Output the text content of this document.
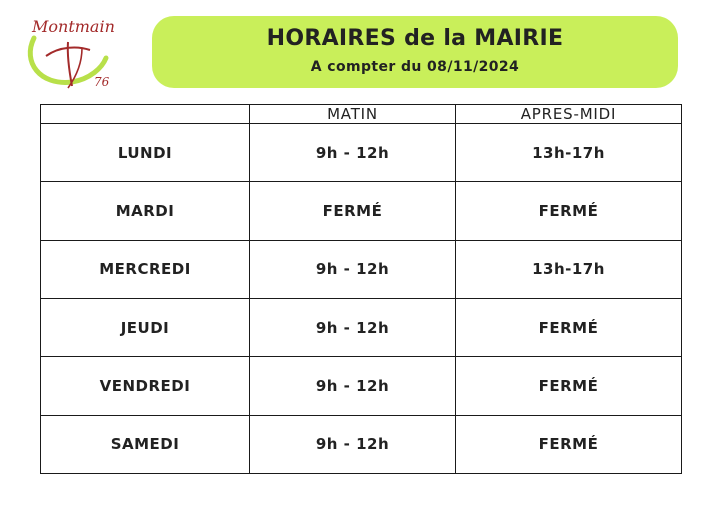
Montmain
76
HORAIRES de la MAIRIE
A compter du 08/11/2024
	MATIN	APRES-MIDI
LUNDI	9h - 12h	13h-17h
MARDI	FERMÉ	FERMÉ
MERCREDI	9h - 12h	13h-17h
JEUDI	9h - 12h	FERMÉ
VENDREDI	9h - 12h	FERMÉ
SAMEDI	9h - 12h	FERMÉ
